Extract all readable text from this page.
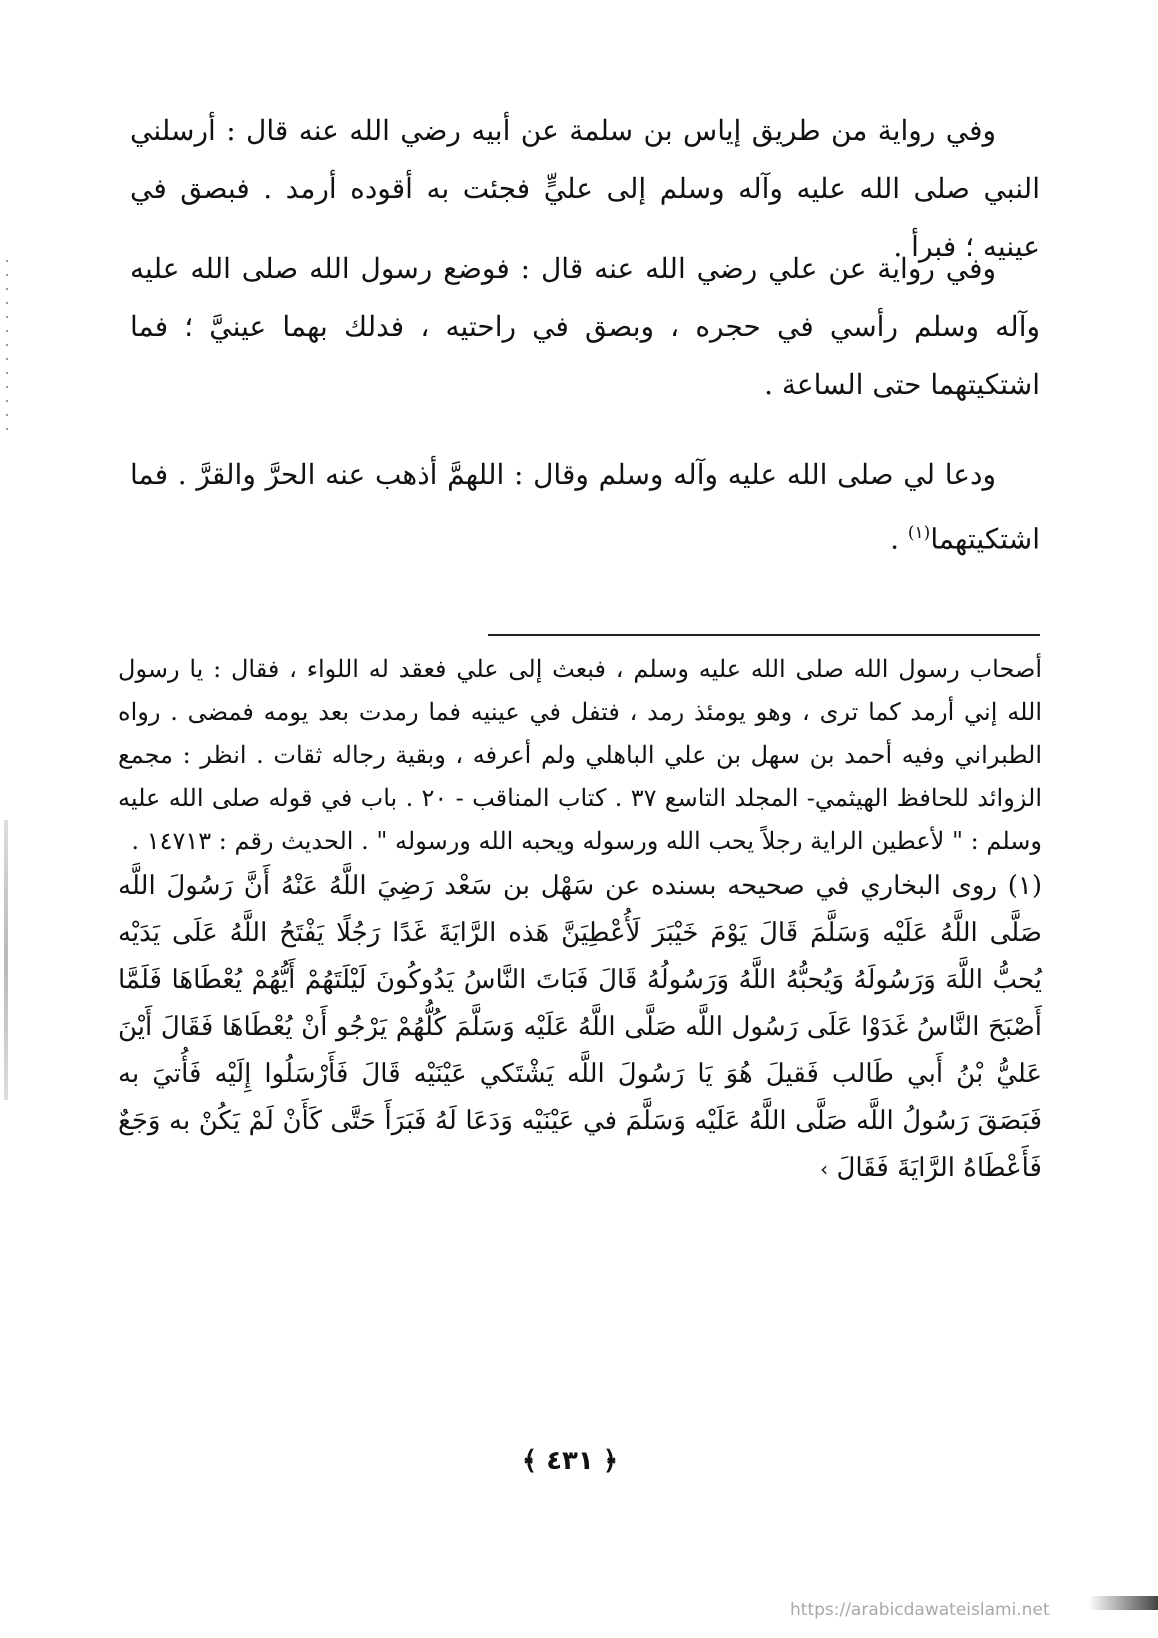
وفي رواية من طريق إياس بن سلمة عن أبيه رضي الله عنه قال : أرسلني النبي صلى الله عليه وآله وسلم إلى عليٍّ فجئت به أقوده أرمد . فبصق في عينيه ؛ فبرأ .

وفي رواية عن علي رضي الله عنه قال : فوضع رسول الله صلى الله عليه وآله وسلم رأسي في حجره ، وبصق في راحتيه ، فدلك بهما عينيَّ ؛ فما اشتكيتهما حتى الساعة .

ودعا لي صلى الله عليه وآله وسلم وقال : اللهمَّ أذهب عنه الحرَّ والقرَّ . فما اشتكيتهما$^{(١)}$ .

أصحاب رسول الله صلى الله عليه وسلم ، فبعث إلى علي فعقد له اللواء ، فقال : يا رسول الله إني أرمد كما ترى ، وهو يومئذ رمد ، فتفل في عينيه فما رمدت بعد يومه فمضى . رواه الطبراني وفيه أحمد بن سهل بن علي الباهلي ولم أعرفه ، وبقية رجاله ثقات . انظر : مجمع الزوائد للحافظ الهيثمي- المجلد التاسع ٣٧ . كتاب المناقب - ٢٠ . باب في قوله صلى الله عليه وسلم : " لأعطين الراية رجلاً يحب الله ورسوله ويحبه الله ورسوله " . الحديث رقم : ١٤٧١٣ .

(١) روى البخاري في صحيحه بسنده عن سَهْل بن سَعْد رَضِيَ اللَّهُ عَنْهُ أَنَّ رَسُولَ اللَّه صَلَّى اللَّهُ عَلَيْه وَسَلَّمَ قَالَ يَوْمَ خَيْبَرَ لَأُعْطِيَنَّ هَذه الرَّايَةَ غَدًا رَجُلًا يَفْتَحُ اللَّهُ عَلَى يَدَيْه يُحبُّ اللَّهَ وَرَسُولَهُ وَيُحبُّهُ اللَّهُ وَرَسُولُهُ قَالَ فَبَاتَ النَّاسُ يَدُوكُونَ لَيْلَتَهُمْ أَيُّهُمْ يُعْطَاهَا فَلَمَّا أَصْبَحَ النَّاسُ غَدَوْا عَلَى رَسُول اللَّه صَلَّى اللَّهُ عَلَيْه وَسَلَّمَ كُلُّهُمْ يَرْجُو أَنْ يُعْطَاهَا فَقَالَ أَيْنَ عَليُّ بْنُ أَبي طَالب فَقيلَ هُوَ يَا رَسُولَ اللَّه يَشْتَكي عَيْنَيْه قَالَ فَأَرْسَلُوا إِلَيْه فَأُتيَ به فَبَصَقَ رَسُولُ اللَّه صَلَّى اللَّهُ عَلَيْه وَسَلَّمَ في عَيْنَيْه وَدَعَا لَهُ فَبَرَأَ حَتَّى كَأَنْ لَمْ يَكُنْ به وَجَعٌ فَأَعْطَاهُ الرَّايَةَ فَقَالَ ›

﴿ ٤٣١ ﴾
https://arabicdawateislami.net
